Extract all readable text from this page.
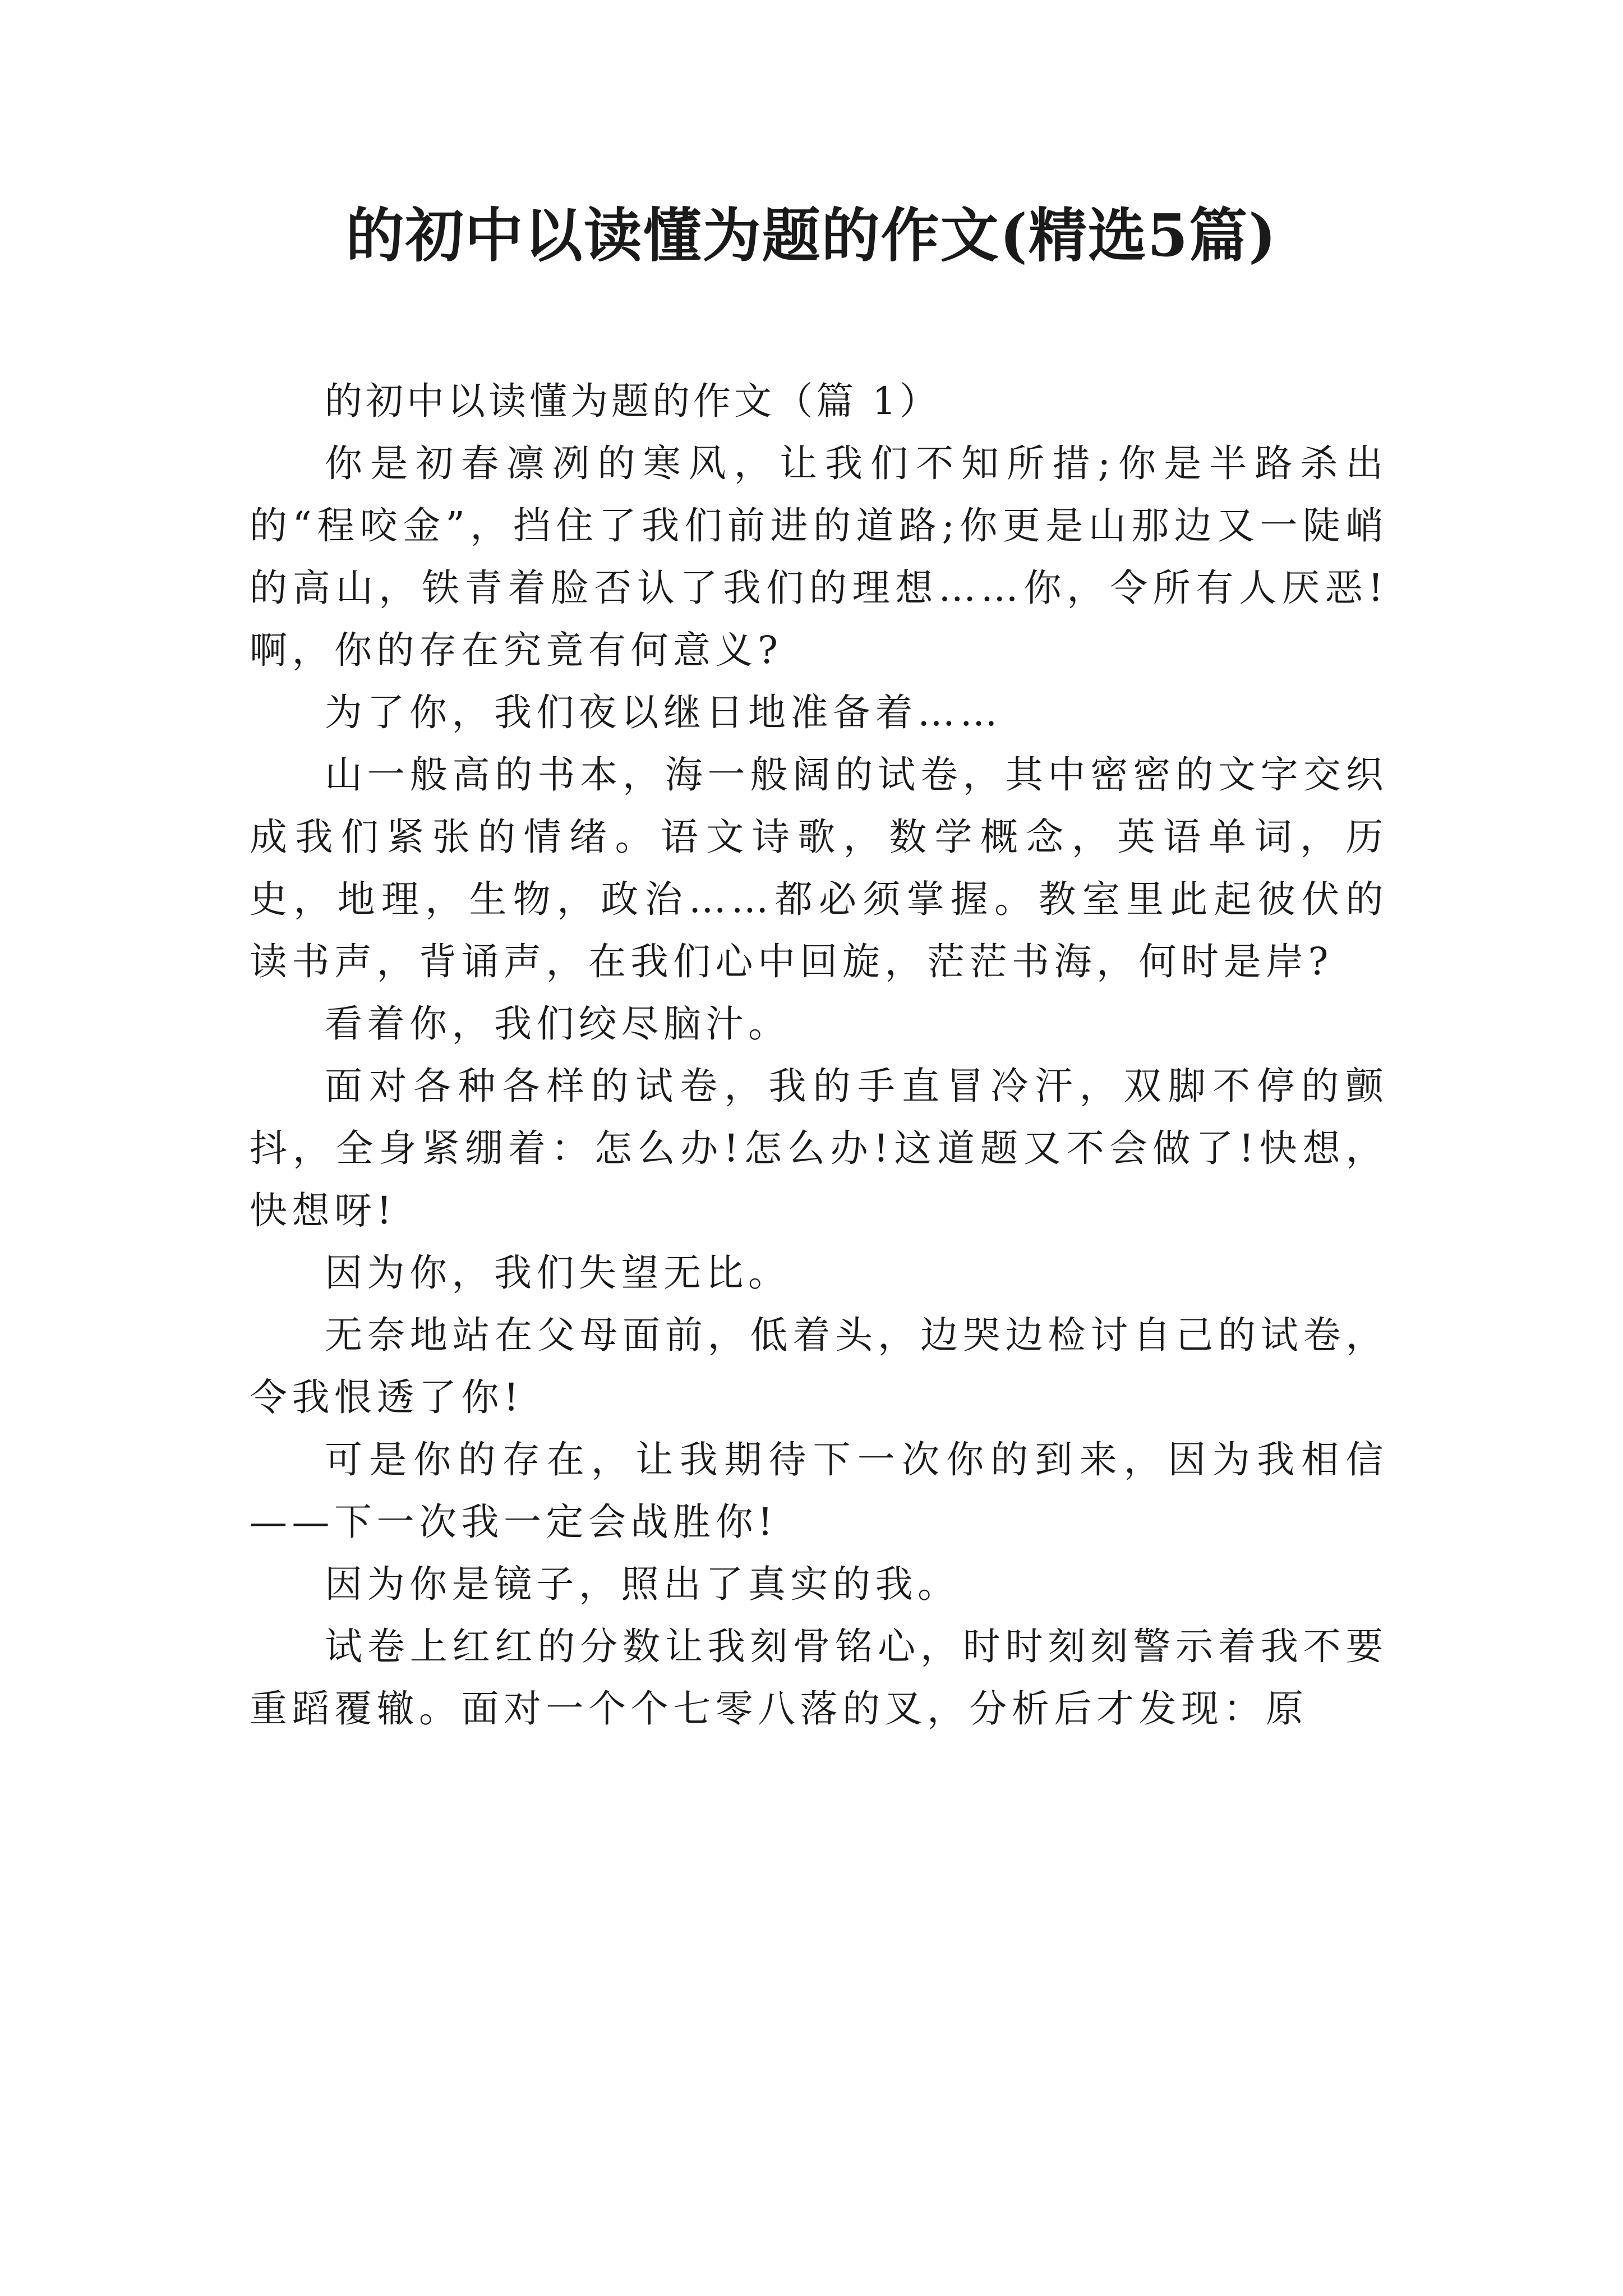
的初中以读懂为题的作文(精选5篇)

的初中以读懂为题的作文（篇 1）

你是初春凛冽的寒风，让我们不知所措;你是半路杀出的“程咬金”，挡住了我们前进的道路;你更是山那边又一陡峭的高山，铁青着脸否认了我们的理想……你，令所有人厌恶!啊，你的存在究竟有何意义?

为了你，我们夜以继日地准备着……

山一般高的书本，海一般阔的试卷，其中密密的文字交织成我们紧张的情绪。语文诗歌，数学概念，英语单词，历史，地理，生物，政治……都必须掌握。教室里此起彼伏的读书声，背诵声，在我们心中回旋，茫茫书海，何时是岸?

看着你，我们绞尽脑汁。

面对各种各样的试卷，我的手直冒冷汗，双脚不停的颤抖，全身紧绷着：怎么办!怎么办!这道题又不会做了!快想，快想呀!

因为你，我们失望无比。

无奈地站在父母面前，低着头，边哭边检讨自己的试卷，令我恨透了你!

可是你的存在，让我期待下一次你的到来，因为我相信——下一次我一定会战胜你!

因为你是镜子，照出了真实的我。

试卷上红红的分数让我刻骨铭心，时时刻刻警示着我不要重蹈覆辙。面对一个个七零八落的叉，分析后才发现：原
